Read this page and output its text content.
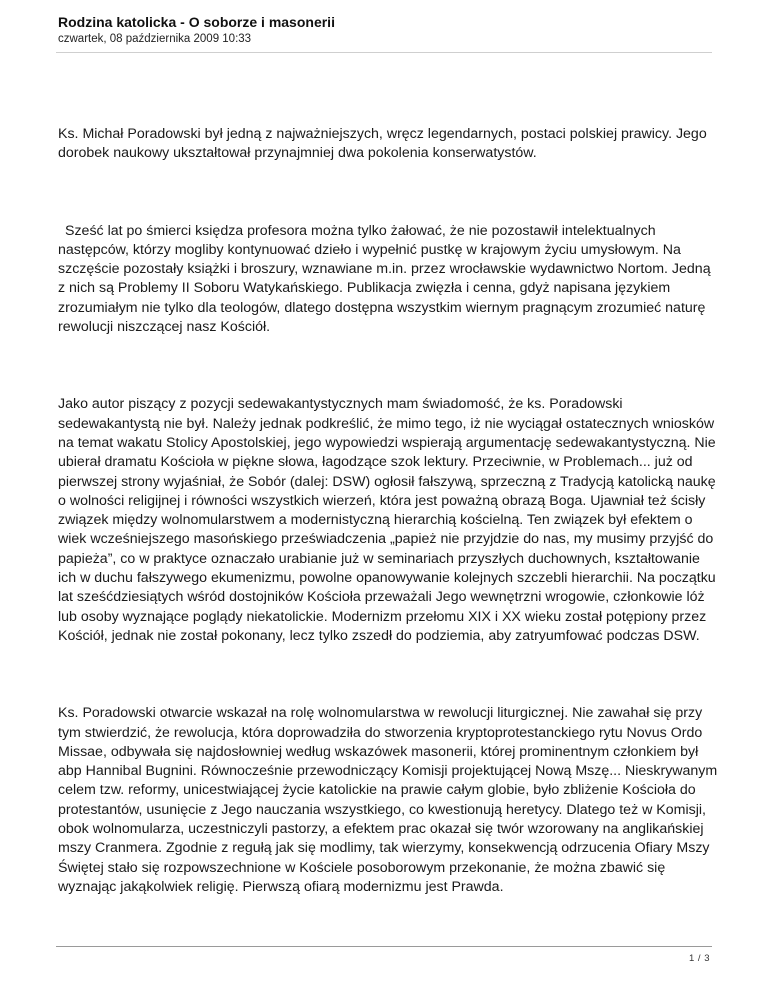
Rodzina katolicka - O soborze i masonerii

czwartek, 08 października 2009 10:33

Ks. Michał Poradowski był jedną z najważniejszych, wręcz legendarnych, postaci polskiej prawicy. Jego dorobek naukowy ukształtował przynajmniej dwa pokolenia konserwatystów.

Sześć lat po śmierci księdza profesora można tylko żałować, że nie pozostawił intelektualnych następców, którzy mogliby kontynuować dzieło i wypełnić pustkę w krajowym życiu umysłowym. Na szczęście pozostały książki i broszury, wznawiane m.in. przez wrocławskie wydawnictwo Nortom. Jedną z nich są Problemy II Soboru Watykańskiego. Publikacja zwięzła i cenna, gdyż napisana językiem zrozumiałym nie tylko dla teologów, dlatego dostępna wszystkim wiernym pragnącym zrozumieć naturę rewolucji niszczącej nasz Kościół.

Jako autor piszący z pozycji sedewakantystycznych mam świadomość, że ks. Poradowski sedewakantystą nie był. Należy jednak podkreślić, że mimo tego, iż nie wyciągał ostatecznych wniosków na temat wakatu Stolicy Apostolskiej, jego wypowiedzi wspierają argumentację sedewakantystyczną. Nie ubierał dramatu Kościoła w piękne słowa, łagodzące szok lektury. Przeciwnie, w Problemach... już od pierwszej strony wyjaśniał, że Sobór (dalej: DSW) ogłosił fałszywą, sprzeczną z Tradycją katolicką naukę o wolności religijnej i równości wszystkich wierzeń, która jest poważną obrazą Boga. Ujawniał też ścisły związek między wolnomularstwem a modernistyczną hierarchią kościelną. Ten związek był efektem o wiek wcześniejszego masońskiego przeświadczenia „papież nie przyjdzie do nas, my musimy przyjść do papieża”, co w praktyce oznaczało urabianie już w seminariach przyszłych duchownych, kształtowanie ich w duchu fałszywego ekumenizmu, powolne opanowywanie kolejnych szczebli hierarchii. Na początku lat sześćdziesiątych wśród dostojników Kościoła przeważali Jego wewnętrzni wrogowie, członkowie lóż lub osoby wyznające poglądy niekatolickie. Modernizm przełomu XIX i XX wieku został potępiony przez Kościół, jednak nie został pokonany, lecz tylko zszedł do podziemia, aby zatryumfować podczas DSW.

Ks. Poradowski otwarcie wskazał na rolę wolnomularstwa w rewolucji liturgicznej. Nie zawahał się przy tym stwierdzić, że rewolucja, która doprowadziła do stworzenia kryptoprotestanckiego rytu Novus Ordo Missae, odbywała się najdosłowniej według wskazówek masonerii, której prominentnym członkiem był abp Hannibal Bugnini. Równocześnie przewodniczący Komisji projektującej Nową Mszę... Nieskrywanym celem tzw. reformy, unicestwiającej życie katolickie na prawie całym globie, było zbliżenie Kościoła do protestantów, usunięcie z Jego nauczania wszystkiego, co kwestionują heretycy. Dlatego też w Komisji, obok wolnomularza, uczestniczyli pastorzy, a efektem prac okazał się twór wzorowany na anglikańskiej mszy Cranmera. Zgodnie z regułą jak się modlimy, tak wierzymy, konsekwencją odrzucenia Ofiary Mszy Świętej stało się rozpowszechnione w Kościele posoborowym przekonanie, że można zbawić się wyznając jakąkolwiek religię. Pierwszą ofiarą modernizmu jest Prawda.

1 / 3
